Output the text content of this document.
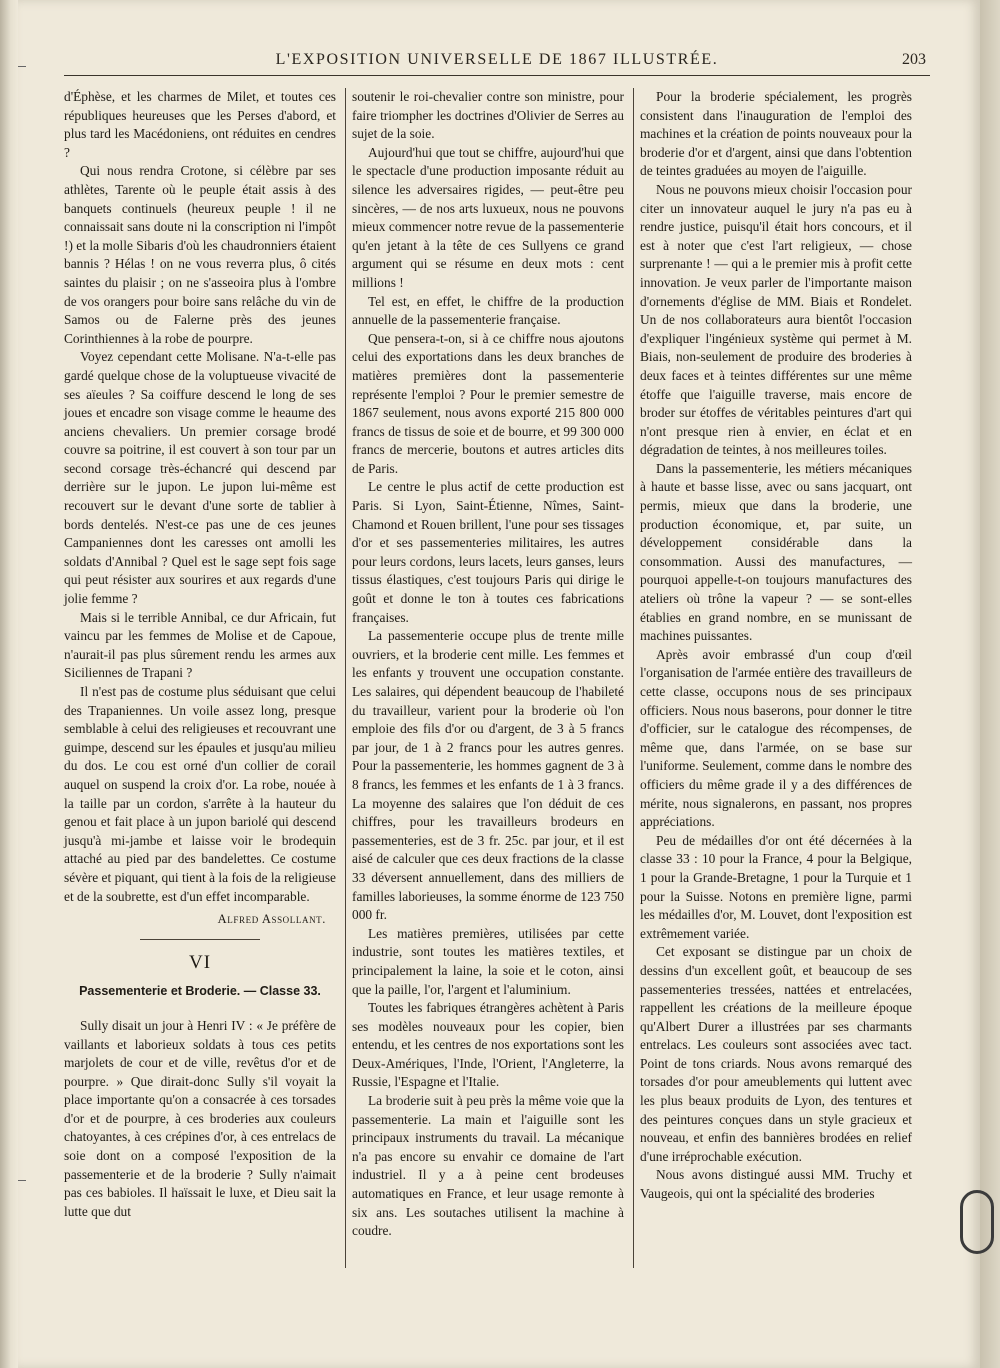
L'EXPOSITION UNIVERSELLE DE 1867 ILLUSTRÉE.	203

d'Éphèse, et les charmes de Milet, et toutes ces républiques heureuses que les Perses d'abord, et plus tard les Macédoniens, ont réduites en cendres ?

Qui nous rendra Crotone, si célèbre par ses athlètes, Tarente où le peuple était assis à des banquets continuels (heureux peuple ! il ne connaissait sans doute ni la conscription ni l'impôt !) et la molle Sibaris d'où les chaudronniers étaient bannis ? Hélas ! on ne vous reverra plus, ô cités saintes du plaisir ; on ne s'asseoira plus à l'ombre de vos orangers pour boire sans relâche du vin de Samos ou de Falerne près des jeunes Corinthiennes à la robe de pourpre.

Voyez cependant cette Molisane. N'a-t-elle pas gardé quelque chose de la voluptueuse vivacité de ses aïeules ? Sa coiffure descend le long de ses joues et encadre son visage comme le heaume des anciens chevaliers. Un premier corsage brodé couvre sa poitrine, il est couvert à son tour par un second corsage très-échancré qui descend par derrière sur le jupon. Le jupon lui-même est recouvert sur le devant d'une sorte de tablier à bords dentelés. N'est-ce pas une de ces jeunes Campaniennes dont les caresses ont amolli les soldats d'Annibal ? Quel est le sage sept fois sage qui peut résister aux sourires et aux regards d'une jolie femme ?

Mais si le terrible Annibal, ce dur Africain, fut vaincu par les femmes de Molise et de Capoue, n'aurait-il pas plus sûrement rendu les armes aux Siciliennes de Trapani ?

Il n'est pas de costume plus séduisant que celui des Trapaniennes. Un voile assez long, presque semblable à celui des religieuses et recouvrant une guimpe, descend sur les épaules et jusqu'au milieu du dos. Le cou est orné d'un collier de corail auquel on suspend la croix d'or. La robe, nouée à la taille par un cordon, s'arrête à la hauteur du genou et fait place à un jupon bariolé qui descend jusqu'à mi-jambe et laisse voir le brodequin attaché au pied par des bandelettes. Ce costume sévère et piquant, qui tient à la fois de la religieuse et de la soubrette, est d'un effet incomparable.

Alfred Assollant.
VI
Passementerie et Broderie. — Classe 33.

Sully disait un jour à Henri IV : « Je préfère de vaillants et laborieux soldats à tous ces petits marjolets de cour et de ville, revêtus d'or et de pourpre. » Que dirait-donc Sully s'il voyait la place importante qu'on a consacrée à ces torsades d'or et de pourpre, à ces broderies aux couleurs chatoyantes, à ces crépines d'or, à ces entrelacs de soie dont on a composé l'exposition de la passementerie et de la broderie ? Sully n'aimait pas ces babioles. Il haïssait le luxe, et Dieu sait la lutte que dut

soutenir le roi-chevalier contre son ministre, pour faire triompher les doctrines d'Olivier de Serres au sujet de la soie.

Aujourd'hui que tout se chiffre, aujourd'hui que le spectacle d'une production imposante réduit au silence les adversaires rigides, — peut-être peu sincères, — de nos arts luxueux, nous ne pouvons mieux commencer notre revue de la passementerie qu'en jetant à la tête de ces Sullyens ce grand argument qui se résume en deux mots : cent millions !

Tel est, en effet, le chiffre de la production annuelle de la passementerie française.

Que pensera-t-on, si à ce chiffre nous ajoutons celui des exportations dans les deux branches de matières premières dont la passementerie représente l'emploi ? Pour le premier semestre de 1867 seulement, nous avons exporté 215 800 000 francs de tissus de soie et de bourre, et 99 300 000 francs de mercerie, boutons et autres articles dits de Paris.

Le centre le plus actif de cette production est Paris. Si Lyon, Saint-Étienne, Nîmes, Saint-Chamond et Rouen brillent, l'une pour ses tissages d'or et ses passementeries militaires, les autres pour leurs cordons, leurs lacets, leurs ganses, leurs tissus élastiques, c'est toujours Paris qui dirige le goût et donne le ton à toutes ces fabrications françaises.

La passementerie occupe plus de trente mille ouvriers, et la broderie cent mille. Les femmes et les enfants y trouvent une occupation constante. Les salaires, qui dépendent beaucoup de l'habileté du travailleur, varient pour la broderie où l'on emploie des fils d'or ou d'argent, de 3 à 5 francs par jour, de 1 à 2 francs pour les autres genres. Pour la passementerie, les hommes gagnent de 3 à 8 francs, les femmes et les enfants de 1 à 3 francs. La moyenne des salaires que l'on déduit de ces chiffres, pour les travailleurs brodeurs en passementeries, est de 3 fr. 25c. par jour, et il est aisé de calculer que ces deux fractions de la classe 33 déversent annuellement, dans des milliers de familles laborieuses, la somme énorme de 123 750 000 fr.

Les matières premières, utilisées par cette industrie, sont toutes les matières textiles, et principalement la laine, la soie et le coton, ainsi que la paille, l'or, l'argent et l'aluminium.

Toutes les fabriques étrangères achètent à Paris ses modèles nouveaux pour les copier, bien entendu, et les centres de nos exportations sont les Deux-Amériques, l'Inde, l'Orient, l'Angleterre, la Russie, l'Espagne et l'Italie.

La broderie suit à peu près la même voie que la passementerie. La main et l'aiguille sont les principaux instruments du travail. La mécanique n'a pas encore su envahir ce domaine de l'art industriel. Il y a à peine cent brodeuses automatiques en France, et leur usage remonte à six ans. Les soutaches utilisent la machine à coudre.

Pour la broderie spécialement, les progrès consistent dans l'inauguration de l'emploi des machines et la création de points nouveaux pour la broderie d'or et d'argent, ainsi que dans l'obtention de teintes graduées au moyen de l'aiguille.

Nous ne pouvons mieux choisir l'occasion pour citer un innovateur auquel le jury n'a pas eu à rendre justice, puisqu'il était hors concours, et il est à noter que c'est l'art religieux, — chose surprenante ! — qui a le premier mis à profit cette innovation. Je veux parler de l'importante maison d'ornements d'église de MM. Biais et Rondelet. Un de nos collaborateurs aura bientôt l'occasion d'expliquer l'ingénieux système qui permet à M. Biais, non-seulement de produire des broderies à deux faces et à teintes différentes sur une même étoffe que l'aiguille traverse, mais encore de broder sur étoffes de véritables peintures d'art qui n'ont presque rien à envier, en éclat et en dégradation de teintes, à nos meilleures toiles.

Dans la passementerie, les métiers mécaniques à haute et basse lisse, avec ou sans jacquart, ont permis, mieux que dans la broderie, une production économique, et, par suite, un développement considérable dans la consommation. Aussi des manufactures, — pourquoi appelle-t-on toujours manufactures des ateliers où trône la vapeur ? — se sont-elles établies en grand nombre, en se munissant de machines puissantes.

Après avoir embrassé d'un coup d'œil l'organisation de l'armée entière des travailleurs de cette classe, occupons nous de ses principaux officiers. Nous nous baserons, pour donner le titre d'officier, sur le catalogue des récompenses, de même que, dans l'armée, on se base sur l'uniforme. Seulement, comme dans le nombre des officiers du même grade il y a des différences de mérite, nous signalerons, en passant, nos propres appréciations.

Peu de médailles d'or ont été décernées à la classe 33 : 10 pour la France, 4 pour la Belgique, 1 pour la Grande-Bretagne, 1 pour la Turquie et 1 pour la Suisse. Notons en première ligne, parmi les médailles d'or, M. Louvet, dont l'exposition est extrêmement variée.

Cet exposant se distingue par un choix de dessins d'un excellent goût, et beaucoup de ses passementeries tressées, nattées et entrelacées, rappellent les créations de la meilleure époque qu'Albert Durer a illustrées par ses charmants entrelacs. Les couleurs sont associées avec tact. Point de tons criards. Nous avons remarqué des torsades d'or pour ameublements qui luttent avec les plus beaux produits de Lyon, des tentures et des peintures conçues dans un style gracieux et nouveau, et enfin des bannières brodées en relief d'une irréprochable exécution.

Nous avons distingué aussi MM. Truchy et Vaugeois, qui ont la spécialité des broderies
